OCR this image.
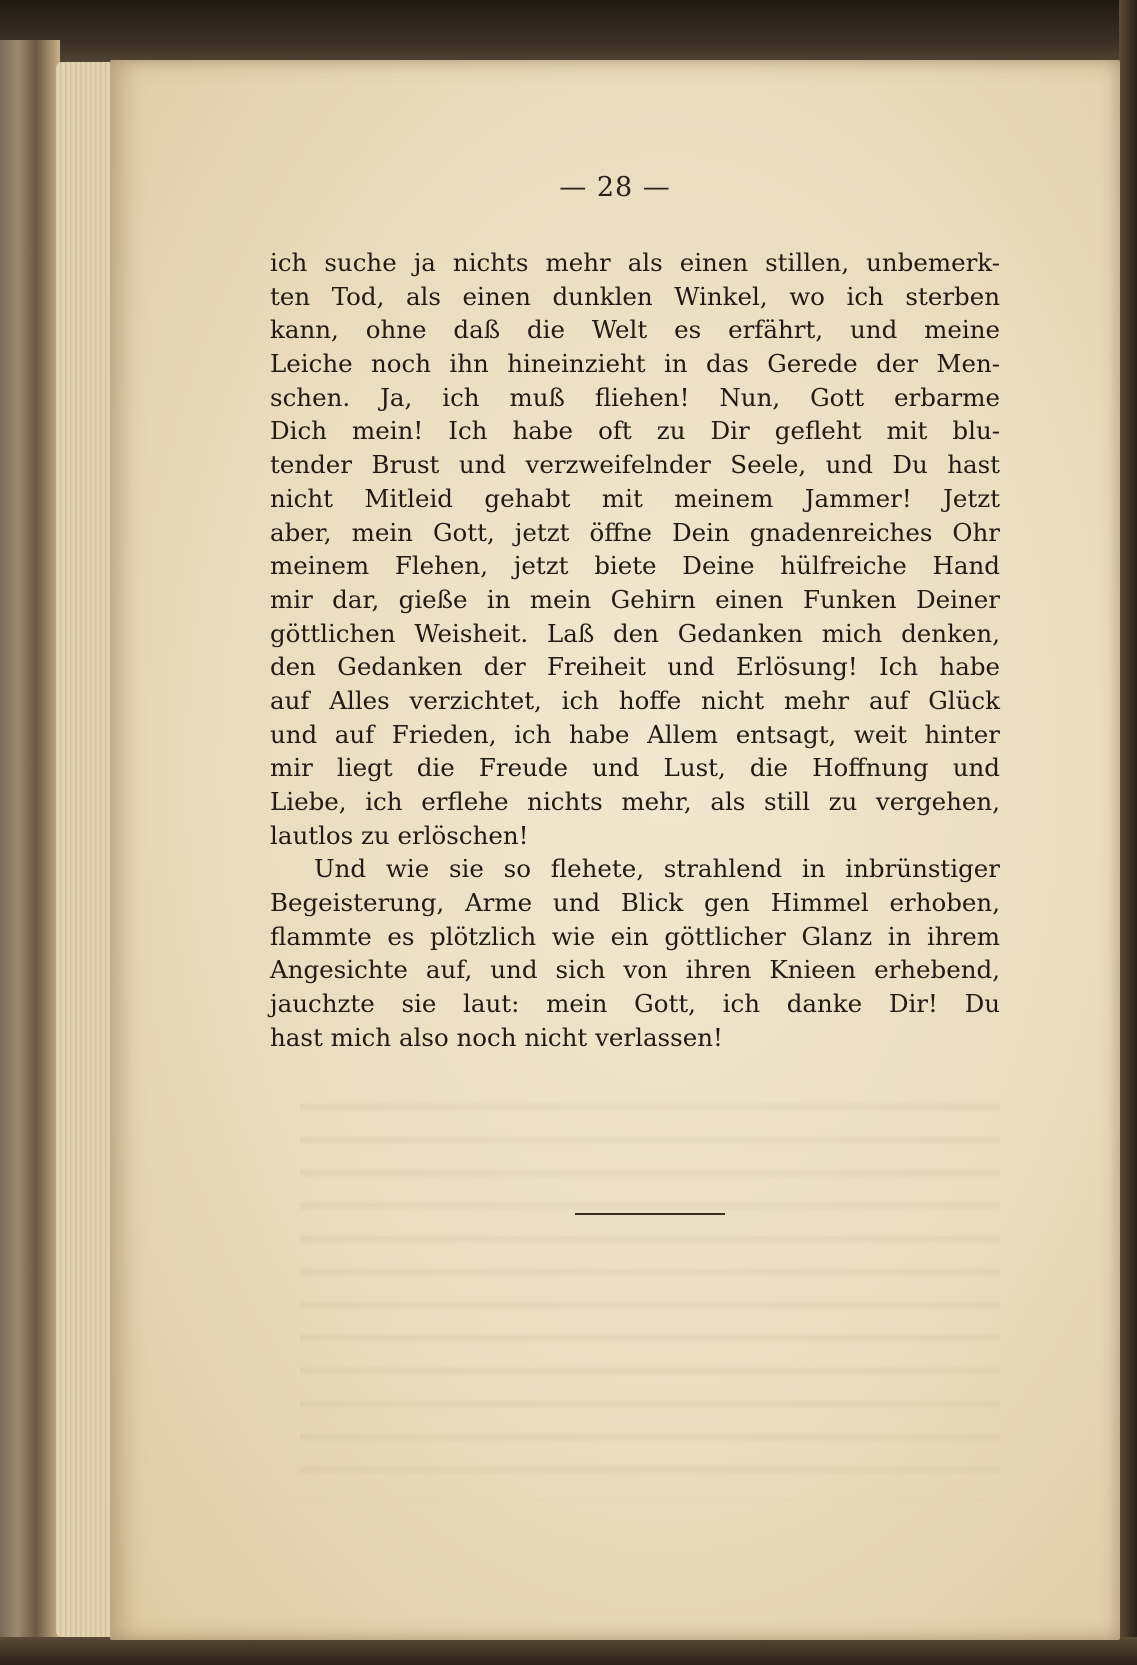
— 28 —
ich suche ja nichts mehr als einen stillen, unbemerk-
ten Tod, als einen dunklen Winkel, wo ich sterben
kann, ohne daß die Welt es erfährt, und meine
Leiche noch ihn hineinzieht in das Gerede der Men-
schen. Ja, ich muß fliehen! Nun, Gott erbarme
Dich mein! Ich habe oft zu Dir gefleht mit blu-
tender Brust und verzweifelnder Seele, und Du hast
nicht Mitleid gehabt mit meinem Jammer! Jetzt
aber, mein Gott, jetzt öffne Dein gnadenreiches Ohr
meinem Flehen, jetzt biete Deine hülfreiche Hand
mir dar, gieße in mein Gehirn einen Funken Deiner
göttlichen Weisheit. Laß den Gedanken mich denken,
den Gedanken der Freiheit und Erlösung! Ich habe
auf Alles verzichtet, ich hoffe nicht mehr auf Glück
und auf Frieden, ich habe Allem entsagt, weit hinter
mir liegt die Freude und Lust, die Hoffnung und
Liebe, ich erflehe nichts mehr, als still zu vergehen,
lautlos zu erlöschen!
Und wie sie so flehete, strahlend in inbrünstiger
Begeisterung, Arme und Blick gen Himmel erhoben,
flammte es plötzlich wie ein göttlicher Glanz in ihrem
Angesichte auf, und sich von ihren Knieen erhebend,
jauchzte sie laut: mein Gott, ich danke Dir! Du
hast mich also noch nicht verlassen!
